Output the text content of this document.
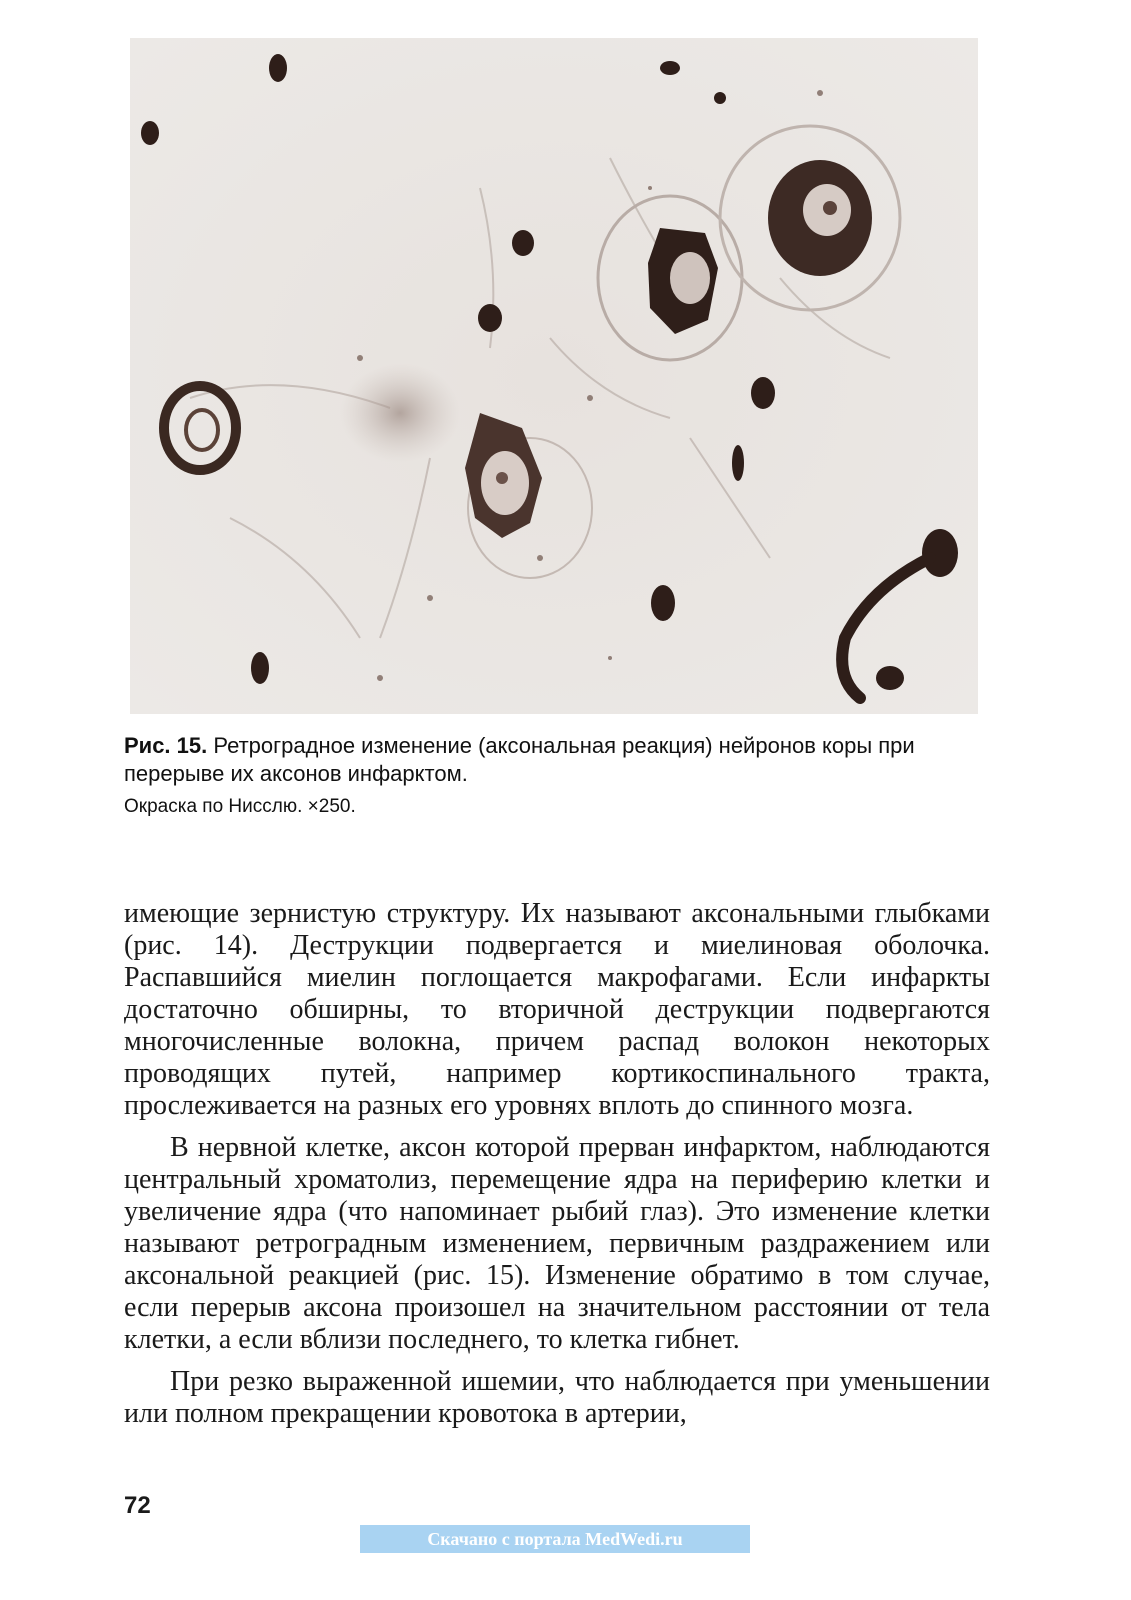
Рис. 15. Ретроградное изменение (аксональная реакция) нейронов коры при перерыве их аксонов инфарктом.
Окраска по Нисслю. ×250.

имеющие зернистую структуру. Их называют аксональными глыбками (рис. 14). Деструкции подвергается и миелиновая оболочка. Распавшийся миелин поглощается макрофагами. Если инфаркты достаточно обширны, то вторичной деструкции подвергаются многочисленные волокна, причем распад волокон некоторых проводящих путей, например кортикоспинального тракта, прослеживается на разных его уровнях вплоть до спинного мозга.

В нервной клетке, аксон которой прерван инфарктом, наблюдаются центральный хроматолиз, перемещение ядра на периферию клетки и увеличение ядра (что напоминает рыбий глаз). Это изменение клетки называют ретроградным изменением, первичным раздражением или аксональной реакцией (рис. 15). Изменение обратимо в том случае, если перерыв аксона произошел на значительном расстоянии от тела клетки, а если вблизи последнего, то клетка гибнет.

При резко выраженной ишемии, что наблюдается при уменьшении или полном прекращении кровотока в артерии,

72
Скачано с портала MedWedi.ru
